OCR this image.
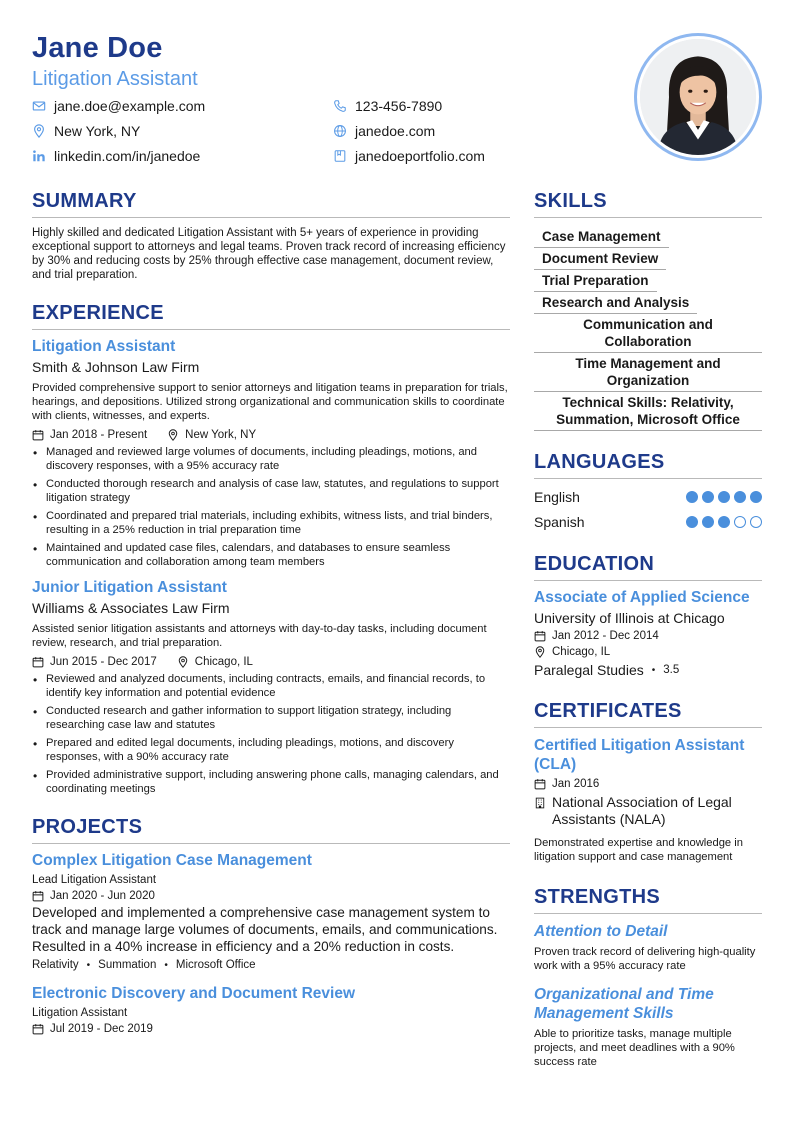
Jane Doe
Litigation Assistant
jane.doe@example.com	123-456-7890
New York, NY	janedoe.com
linkedin.com/in/janedoe	janedoeportfolio.com
SUMMARY
Highly skilled and dedicated Litigation Assistant with 5+ years of experience in providing exceptional support to attorneys and legal teams. Proven track record of increasing efficiency by 30% and reducing costs by 25% through effective case management, document review, and trial preparation.
EXPERIENCE
Litigation Assistant
Smith & Johnson Law Firm
Provided comprehensive support to senior attorneys and litigation teams in preparation for trials, hearings, and depositions. Utilized strong organizational and communication skills to coordinate with clients, witnesses, and experts.
Jan 2018 - Present	New York, NY
• Managed and reviewed large volumes of documents, including pleadings, motions, and discovery responses, with a 95% accuracy rate
• Conducted thorough research and analysis of case law, statutes, and regulations to support litigation strategy
• Coordinated and prepared trial materials, including exhibits, witness lists, and trial binders, resulting in a 25% reduction in trial preparation time
• Maintained and updated case files, calendars, and databases to ensure seamless communication and collaboration among team members
Junior Litigation Assistant
Williams & Associates Law Firm
Assisted senior litigation assistants and attorneys with day-to-day tasks, including document review, research, and trial preparation.
Jun 2015 - Dec 2017	Chicago, IL
• Reviewed and analyzed documents, including contracts, emails, and financial records, to identify key information and potential evidence
• Conducted research and gather information to support litigation strategy, including researching case law and statutes
• Prepared and edited legal documents, including pleadings, motions, and discovery responses, with a 90% accuracy rate
• Provided administrative support, including answering phone calls, managing calendars, and coordinating meetings
PROJECTS
Complex Litigation Case Management
Lead Litigation Assistant
Jan 2020 - Jun 2020
Developed and implemented a comprehensive case management system to track and manage large volumes of documents, emails, and communications. Resulted in a 40% increase in efficiency and a 20% reduction in costs.
Relativity • Summation • Microsoft Office
Electronic Discovery and Document Review
Litigation Assistant
Jul 2019 - Dec 2019
SKILLS
Case Management
Document Review
Trial Preparation
Research and Analysis
Communication and Collaboration
Time Management and Organization
Technical Skills: Relativity, Summation, Microsoft Office
LANGUAGES
English
Spanish
EDUCATION
Associate of Applied Science
University of Illinois at Chicago
Jan 2012 - Dec 2014
Chicago, IL
Paralegal Studies • 3.5
CERTIFICATES
Certified Litigation Assistant (CLA)
Jan 2016
National Association of Legal Assistants (NALA)
Demonstrated expertise and knowledge in litigation support and case management
STRENGTHS
Attention to Detail
Proven track record of delivering high-quality work with a 95% accuracy rate
Organizational and Time Management Skills
Able to prioritize tasks, manage multiple projects, and meet deadlines with a 90% success rate
